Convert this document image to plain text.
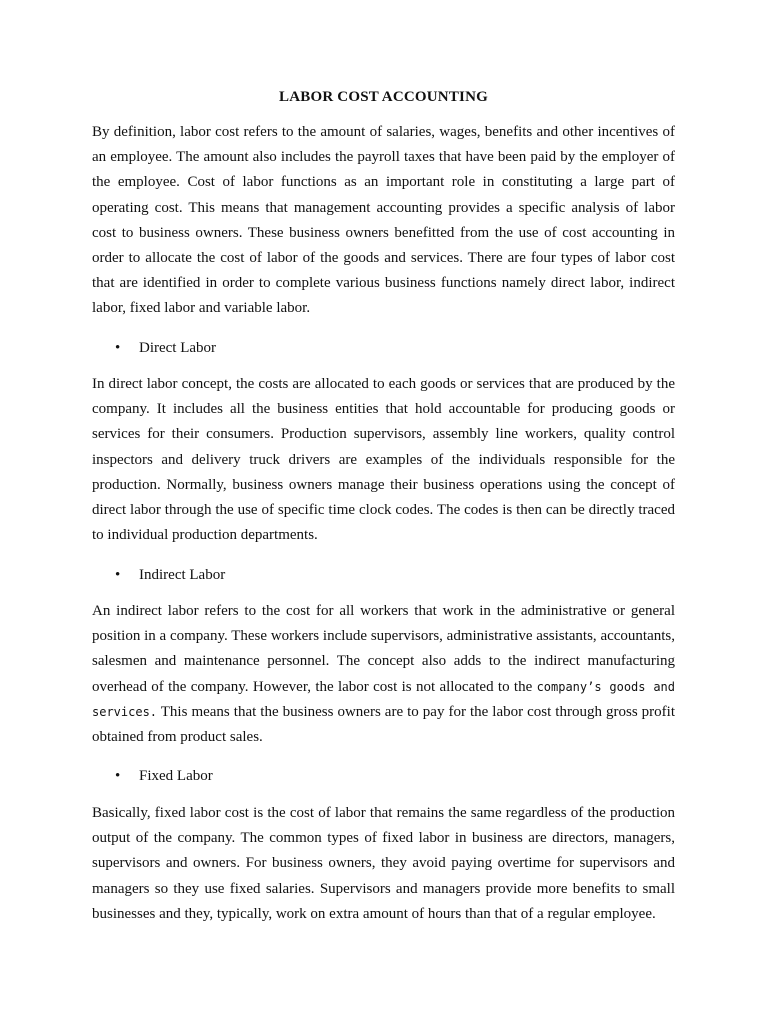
LABOR COST ACCOUNTING

By definition, labor cost refers to the amount of salaries, wages, benefits and other incentives of an employee. The amount also includes the payroll taxes that have been paid by the employer of the employee. Cost of labor functions as an important role in constituting a large part of operating cost. This means that management accounting provides a specific analysis of labor cost to business owners. These business owners benefitted from the use of cost accounting in order to allocate the cost of labor of the goods and services. There are four types of labor cost that are identified in order to complete various business functions namely direct labor, indirect labor, fixed labor and variable labor.

• Direct Labor

In direct labor concept, the costs are allocated to each goods or services that are produced by the company. It includes all the business entities that hold accountable for producing goods or services for their consumers. Production supervisors, assembly line workers, quality control inspectors and delivery truck drivers are examples of the individuals responsible for the production. Normally, business owners manage their business operations using the concept of direct labor through the use of specific time clock codes. The codes is then can be directly traced to individual production departments.

• Indirect Labor

An indirect labor refers to the cost for all workers that work in the administrative or general position in a company. These workers include supervisors, administrative assistants, accountants, salesmen and maintenance personnel. The concept also adds to the indirect manufacturing overhead of the company. However, the labor cost is not allocated to the company’s goods and services. This means that the business owners are to pay for the labor cost through gross profit obtained from product sales.

• Fixed Labor

Basically, fixed labor cost is the cost of labor that remains the same regardless of the production output of the company. The common types of fixed labor in business are directors, managers, supervisors and owners. For business owners, they avoid paying overtime for supervisors and managers so they use fixed salaries. Supervisors and managers provide more benefits to small businesses and they, typically, work on extra amount of hours than that of a regular employee.
